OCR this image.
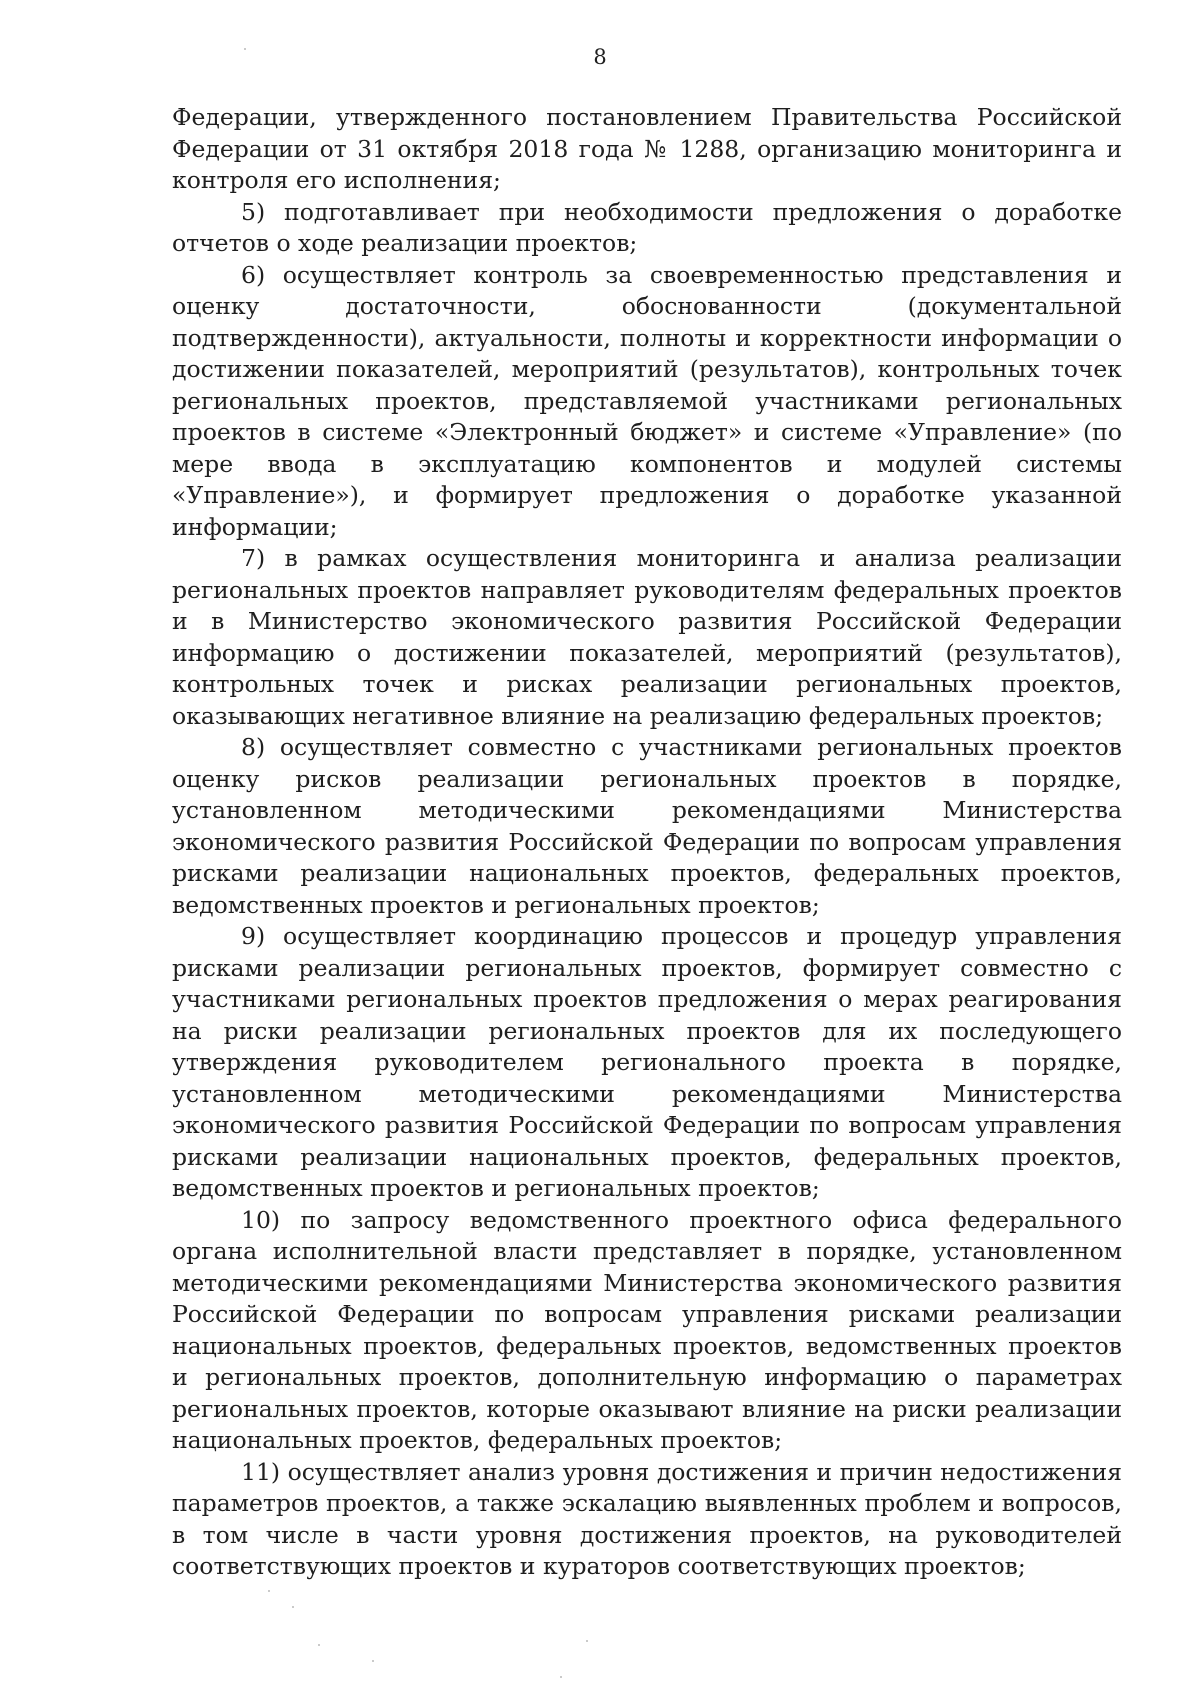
8

Федерации, утвержденного постановлением Правительства Российской Федерации от 31 октября 2018 года № 1288, организацию мониторинга и контроля его исполнения;

5) подготавливает при необходимости предложения о доработке отчетов о ходе реализации проектов;

6) осуществляет контроль за своевременностью представления и оценку достаточности, обоснованности (документальной подтвержденности), актуальности, полноты и корректности информации о достижении показателей, мероприятий (результатов), контрольных точек региональных проектов, представляемой участниками региональных проектов в системе «Электронный бюджет» и системе «Управление» (по мере ввода в эксплуатацию компонентов и модулей системы «Управление»), и формирует предложения о доработке указанной информации;

7) в рамках осуществления мониторинга и анализа реализации региональных проектов направляет руководителям федеральных проектов и в Министерство экономического развития Российской Федерации информацию о достижении показателей, мероприятий (результатов), контрольных точек и рисках реализации региональных проектов, оказывающих негативное влияние на реализацию федеральных проектов;

8) осуществляет совместно с участниками региональных проектов оценку рисков реализации региональных проектов в порядке, установленном методическими рекомендациями Министерства экономического развития Российской Федерации по вопросам управления рисками реализации национальных проектов, федеральных проектов, ведомственных проектов и региональных проектов;

9) осуществляет координацию процессов и процедур управления рисками реализации региональных проектов, формирует совместно с участниками региональных проектов предложения о мерах реагирования на риски реализации региональных проектов для их последующего утверждения руководителем регионального проекта в порядке, установленном методическими рекомендациями Министерства экономического развития Российской Федерации по вопросам управления рисками реализации национальных проектов, федеральных проектов, ведомственных проектов и региональных проектов;

10) по запросу ведомственного проектного офиса федерального органа исполнительной власти представляет в порядке, установленном методическими рекомендациями Министерства экономического развития Российской Федерации по вопросам управления рисками реализации национальных проектов, федеральных проектов, ведомственных проектов и региональных проектов, дополнительную информацию о параметрах региональных проектов, которые оказывают влияние на риски реализации национальных проектов, федеральных проектов;

11) осуществляет анализ уровня достижения и причин недостижения параметров проектов, а также эскалацию выявленных проблем и вопросов, в том числе в части уровня достижения проектов, на руководителей соответствующих проектов и кураторов соответствующих проектов;
